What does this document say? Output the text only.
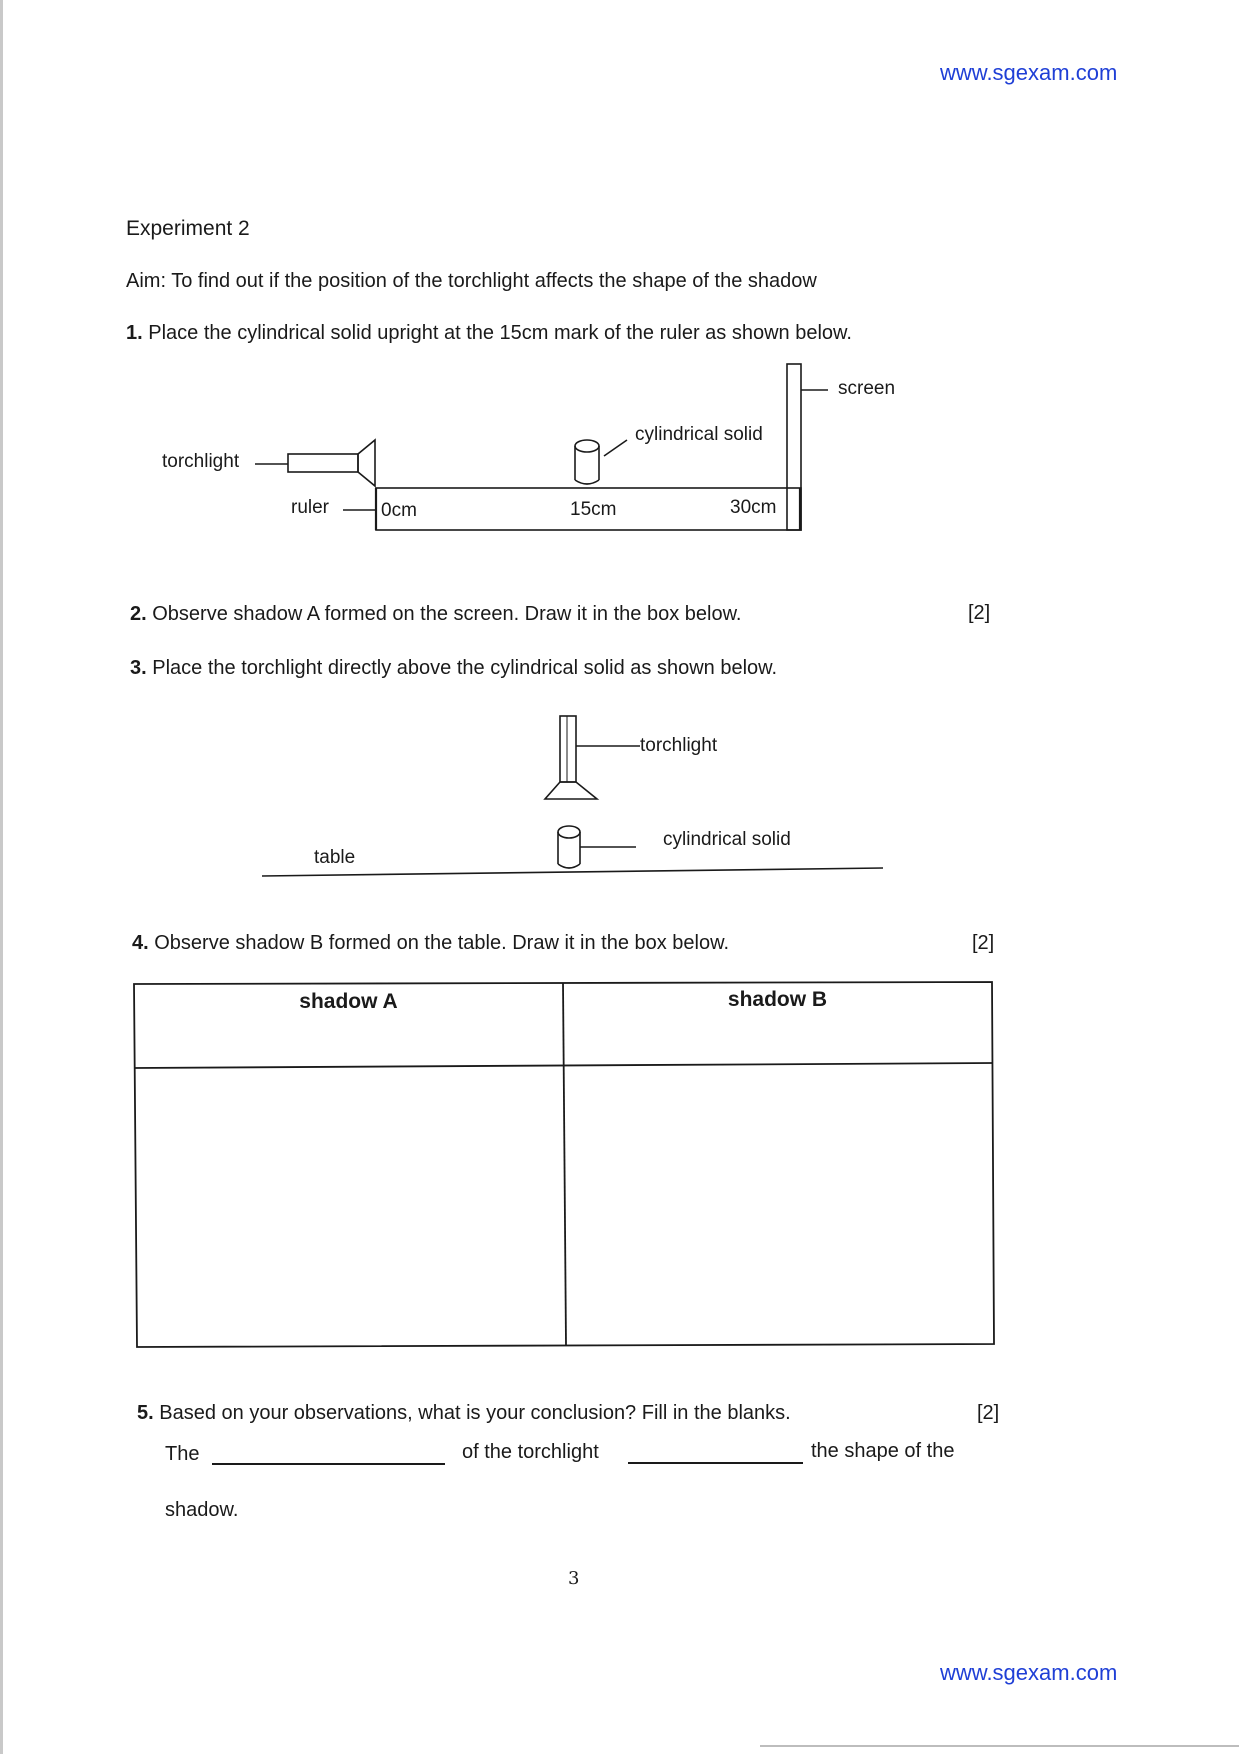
www.sgexam.com
Experiment 2
Aim: To find out if the position of the torchlight affects the shape of the shadow
1. Place the cylindrical solid upright at the 15cm mark of the ruler as shown below.
screen
cylindrical solid
torchlight
ruler	0cm	15cm	30cm
2. Observe shadow A formed on the screen. Draw it in the box below.	[2]
3. Place the torchlight directly above the cylindrical solid as shown below.
torchlight
cylindrical solid
table
4. Observe shadow B formed on the table. Draw it in the box below.	[2]
shadow A	shadow B
5. Based on your observations, what is your conclusion? Fill in the blanks.	[2]
The	of the torchlight	the shape of the
shadow.
3
www.sgexam.com
